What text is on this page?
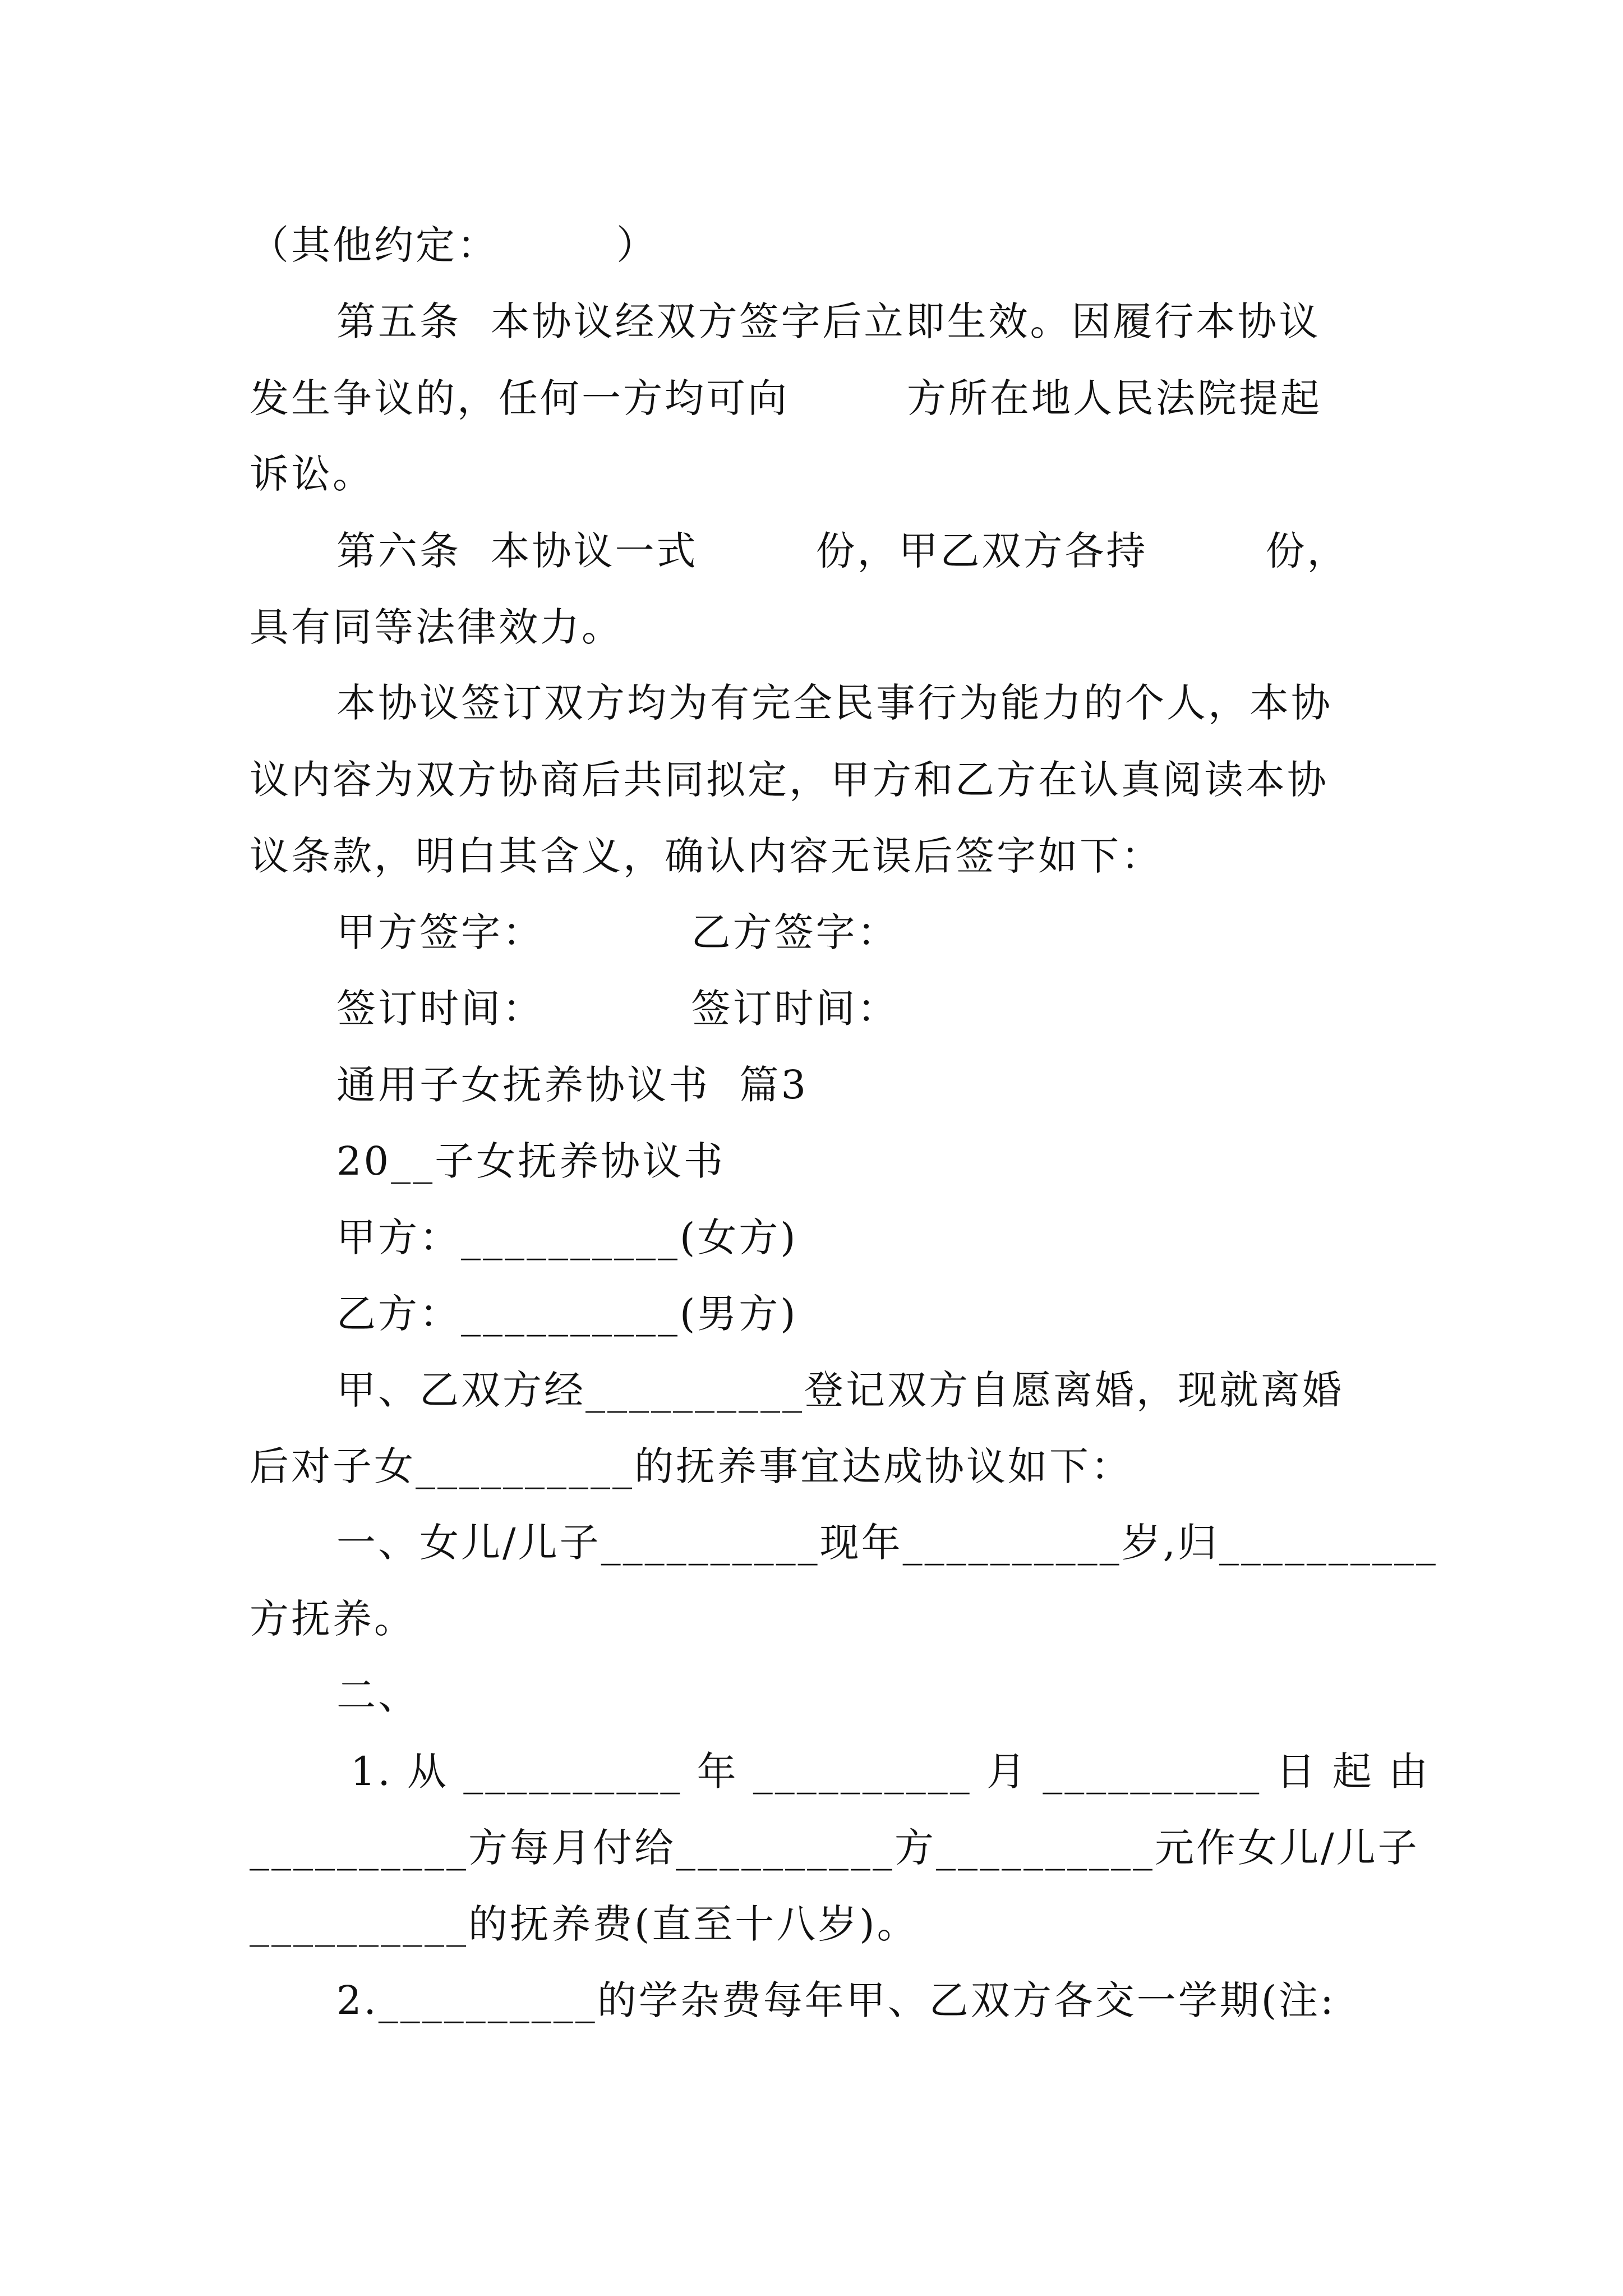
（其他约定：        ）
第五条  本协议经双方签字后立即生效。因履行本协议
发生争议的，任何一方均可向        方所在地人民法院提起
诉讼。
第六条  本协议一式        份，甲乙双方各持        份，
具有同等法律效力。
本协议签订双方均为有完全民事行为能力的个人，本协
议内容为双方协商后共同拟定，甲方和乙方在认真阅读本协
议条款，明白其含义，确认内容无误后签字如下：
甲方签字：          乙方签字：
签订时间：          签订时间：
通用子女抚养协议书  篇3
20__子女抚养协议书
甲方：__________(女方)
乙方：__________(男方)
甲、乙双方经__________登记双方自愿离婚，现就离婚
后对子女__________的抚养事宜达成协议如下：
一、女儿/儿子__________现年__________岁,归__________
方抚养。
二、
1. 从 __________ 年 __________ 月 __________ 日 起 由
__________方每月付给__________方__________元作女儿/儿子
__________的抚养费(直至十八岁)。
2.__________的学杂费每年甲、乙双方各交一学期(注:
